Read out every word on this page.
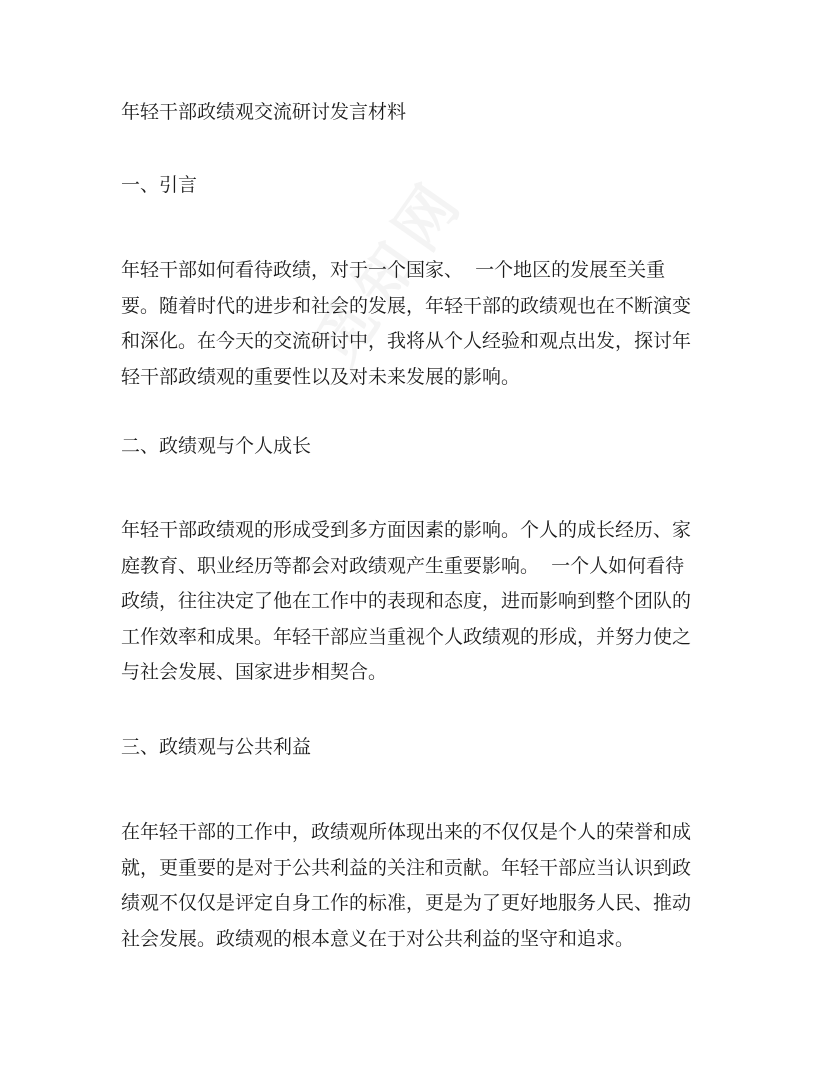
年轻干部政绩观交流研讨发言材料
一、引言

年轻干部如何看待政绩，对于一个国家、  一个地区的发展至关重要。随着时代的进步和社会的发展，年轻干部的政绩观也在不断演变和深化。在今天的交流研讨中，我将从个人经验和观点出发，探讨年轻干部政绩观的重要性以及对未来发展的影响。

二、政绩观与个人成长

年轻干部政绩观的形成受到多方面因素的影响。个人的成长经历、家庭教育、职业经历等都会对政绩观产生重要影响。  一个人如何看待政绩，往往决定了他在工作中的表现和态度，进而影响到整个团队的工作效率和成果。年轻干部应当重视个人政绩观的形成，并努力使之与社会发展、国家进步相契合。

三、政绩观与公共利益

在年轻干部的工作中，政绩观所体现出来的不仅仅是个人的荣誉和成就，更重要的是对于公共利益的关注和贡献。年轻干部应当认识到政绩观不仅仅是评定自身工作的标准，更是为了更好地服务人民、推动社会发展。政绩观的根本意义在于对公共利益的坚守和追求。
